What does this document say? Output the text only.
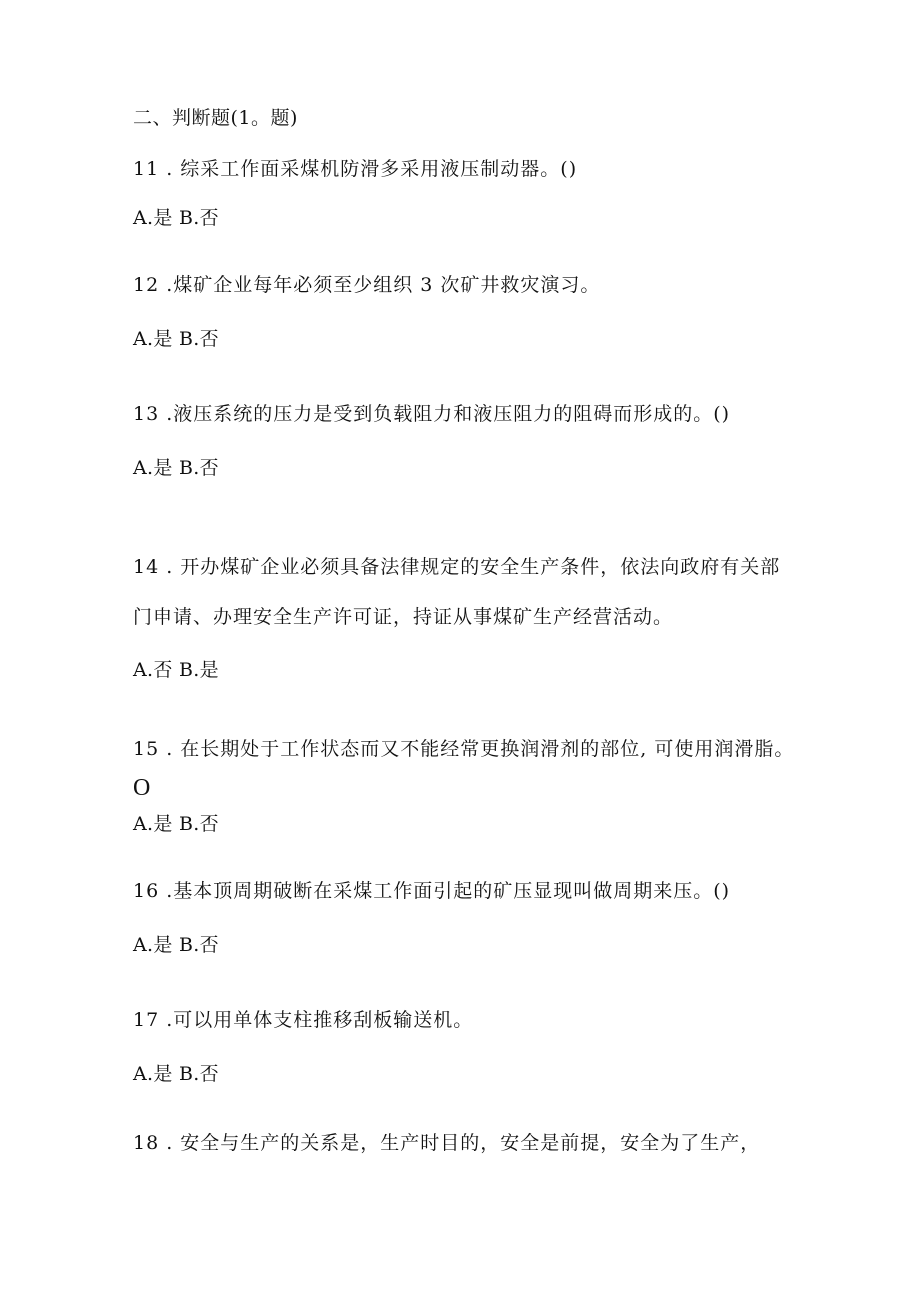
二、判断题(1。题)
11 . 综采工作面采煤机防滑多采用液压制动器。()
A.是 B.否
12 .煤矿企业每年必须至少组织 3 次矿井救灾演习。
A.是 B.否
13 .液压系统的压力是受到负载阻力和液压阻力的阻碍而形成的。()
A.是 B.否
14 . 开办煤矿企业必须具备法律规定的安全生产条件，依法向政府有关部
门申请、办理安全生产许可证，持证从事煤矿生产经营活动。
A.否 B.是
15 . 在长期处于工作状态而又不能经常更换润滑剂的部位, 可使用润滑脂。
O
A.是 B.否
16 .基本顶周期破断在采煤工作面引起的矿压显现叫做周期来压。()
A.是 B.否
17 .可以用单体支柱推移刮板输送机。
A.是 B.否
18 . 安全与生产的关系是，生产时目的，安全是前提，安全为了生产，
